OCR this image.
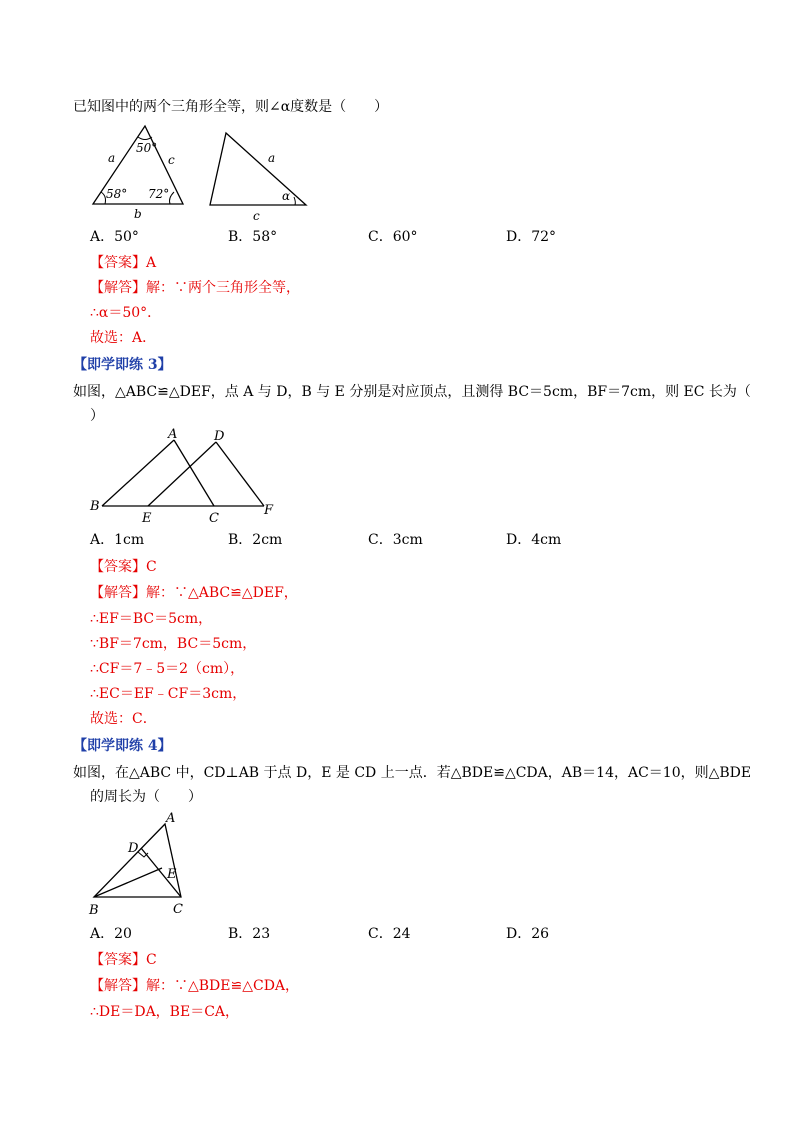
已知图中的两个三角形全等，则∠α度数是（　　）
a
50°
c
58° 72°
b
a
α
c
A．50°	B．58°	C．60°	D．72°
【答案】A
【解答】解：∵两个三角形全等，
∴α＝50°．
故选：A．
【即学即练 3】
如图，△ABC≌△DEF，点 A 与 D，B 与 E 分别是对应顶点，且测得 BC＝5cm，BF＝7cm，则 EC 长为（
）
A	D
B
E	C
F
A．1cm	B．2cm	C．3cm	D．4cm
【答案】C
【解答】解：∵△ABC≌△DEF，
∴EF＝BC＝5cm，
∵BF＝7cm，BC＝5cm，
∴CF＝7﹣5＝2（cm），
∴EC＝EF﹣CF＝3cm，
故选：C．
【即学即练 4】
如图，在△ABC 中，CD⊥AB 于点 D，E 是 CD 上一点．若△BDE≌△CDA，AB＝14，AC＝10，则△BDE
的周长为（　　）
A
D
E
B	C
A．20	B．23	C．24	D．26
【答案】C
【解答】解：∵△BDE≌△CDA，
∴DE＝DA，BE＝CA，
